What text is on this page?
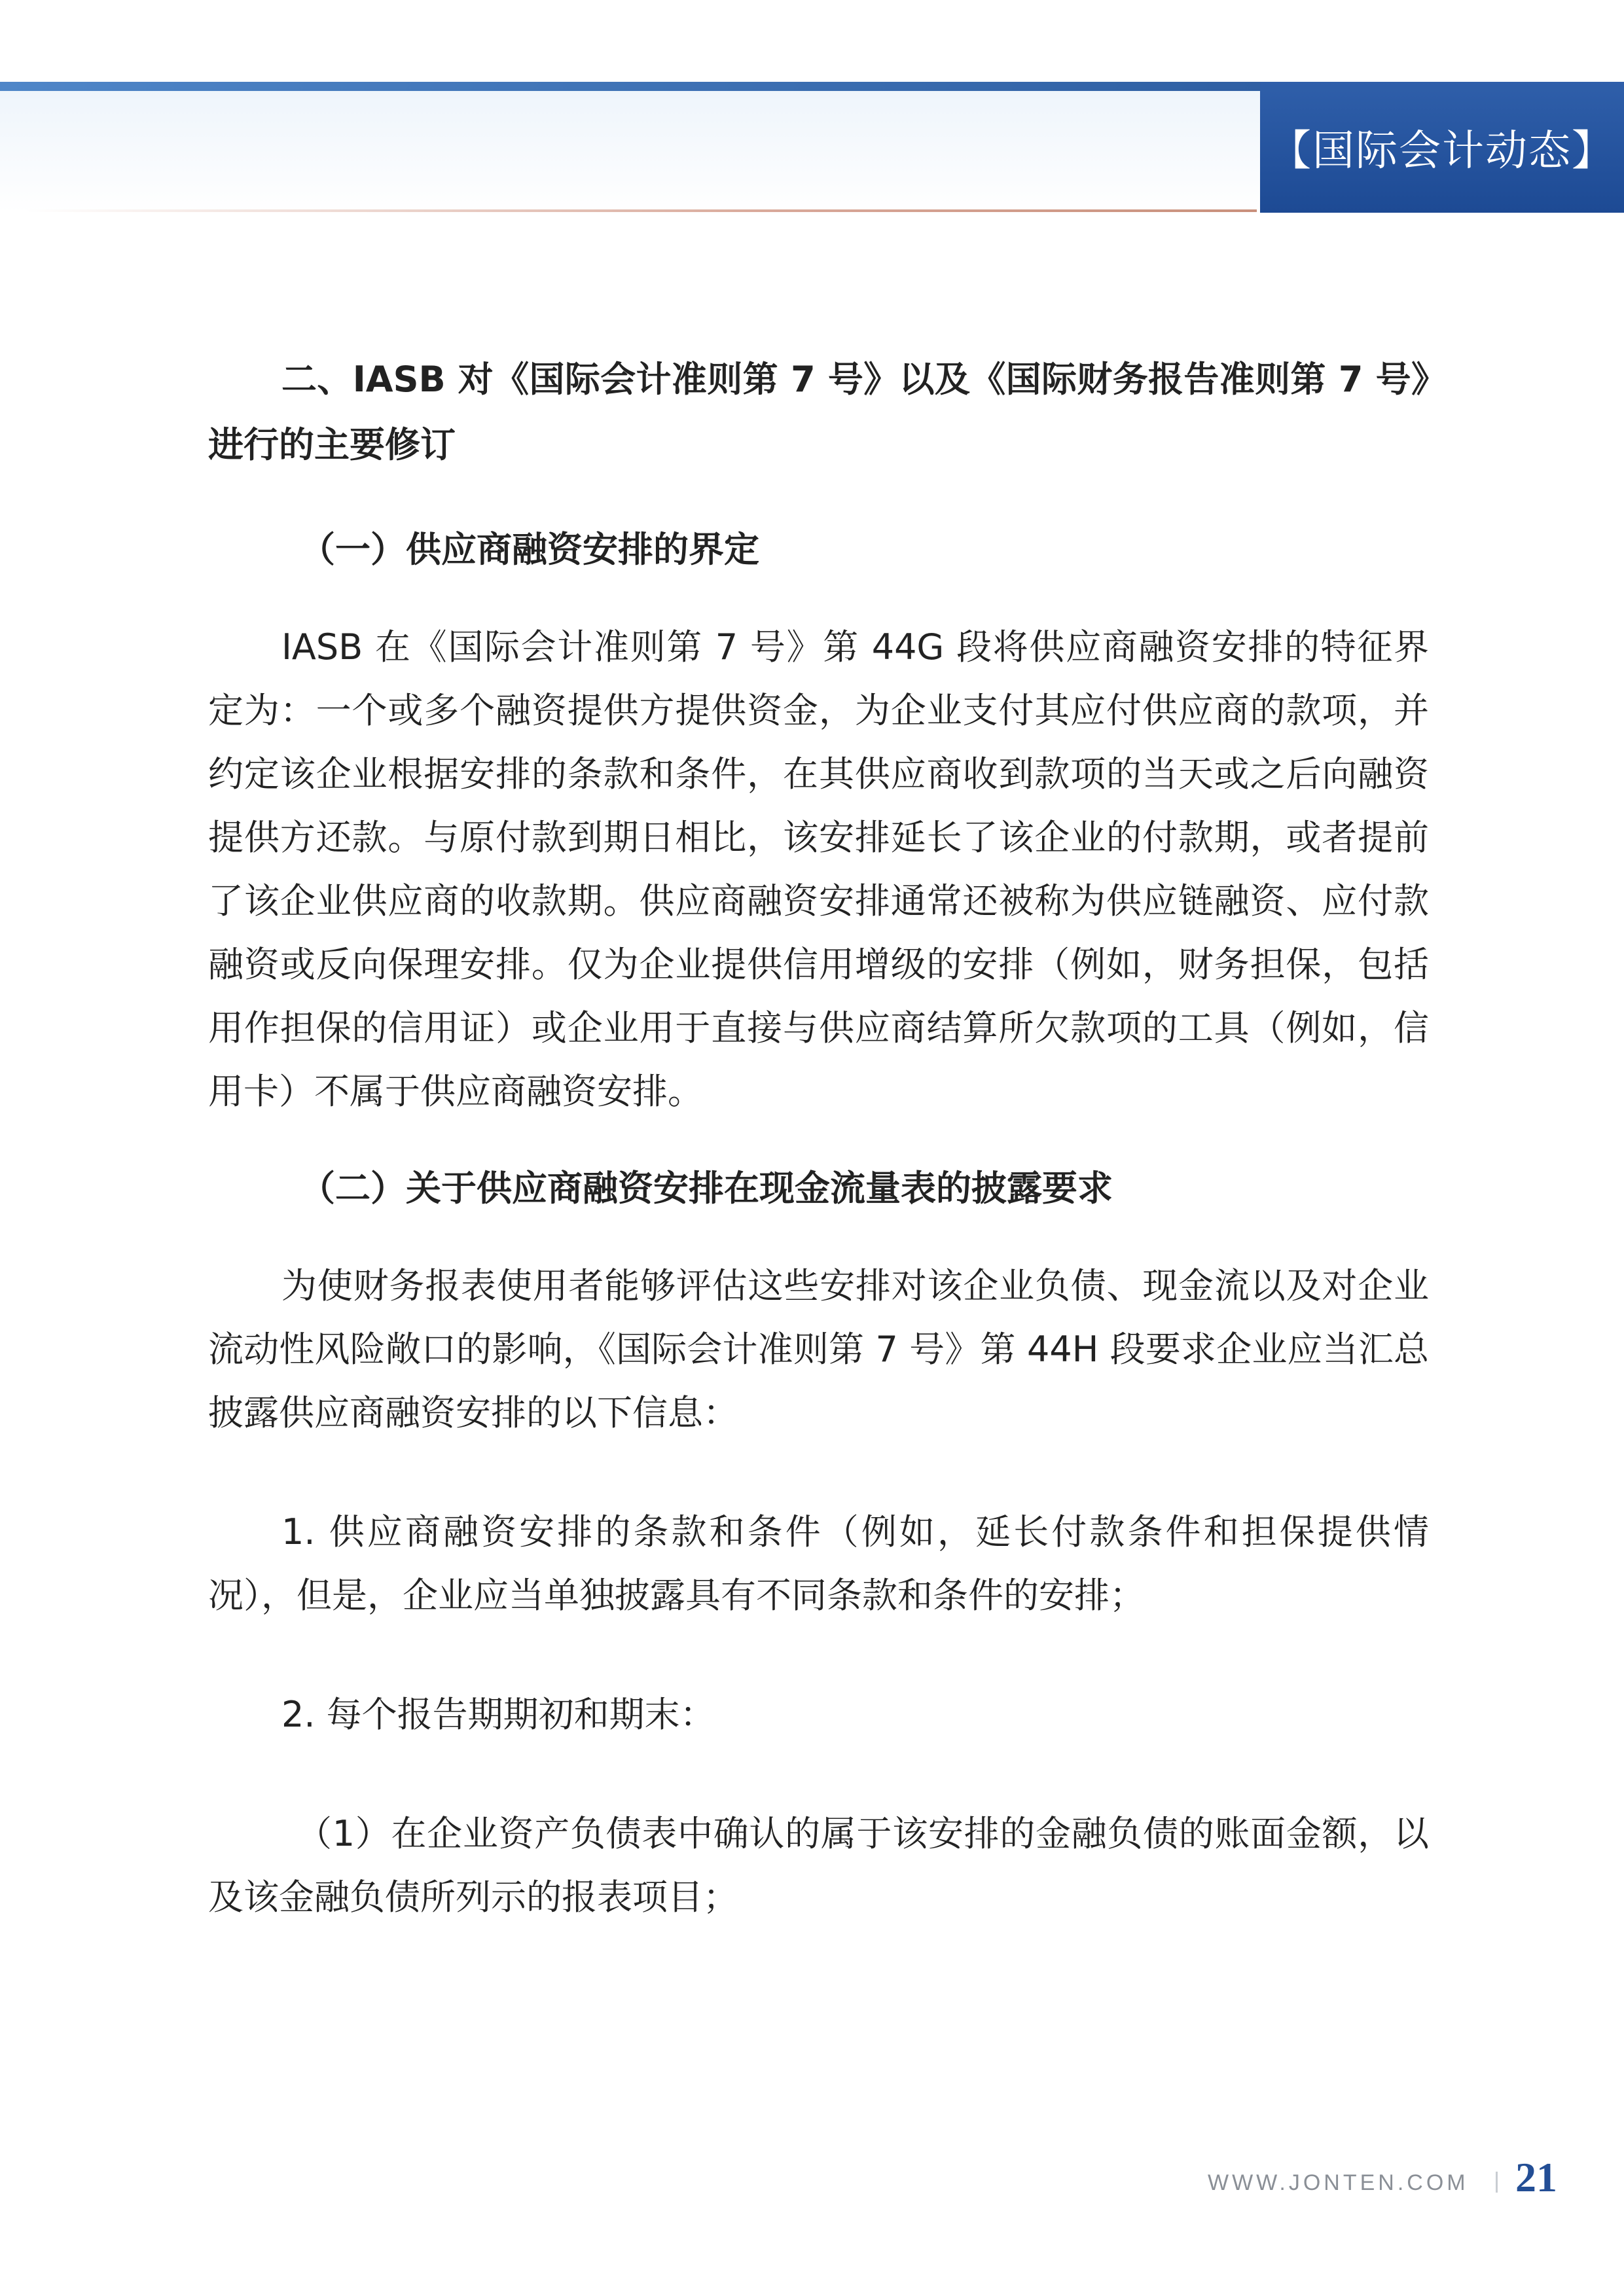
【国际会计动态】

二、IASB 对《国际会计准则第 7 号》以及《国际财务报告准则第 7 号》进行的主要修订

（一）供应商融资安排的界定

IASB 在《国际会计准则第 7 号》第 44G 段将供应商融资安排的特征界定为：一个或多个融资提供方提供资金，为企业支付其应付供应商的款项，并约定该企业根据安排的条款和条件，在其供应商收到款项的当天或之后向融资提供方还款。与原付款到期日相比，该安排延长了该企业的付款期，或者提前了该企业供应商的收款期。供应商融资安排通常还被称为供应链融资、应付款融资或反向保理安排。仅为企业提供信用增级的安排（例如，财务担保，包括用作担保的信用证）或企业用于直接与供应商结算所欠款项的工具（例如，信用卡）不属于供应商融资安排。

（二）关于供应商融资安排在现金流量表的披露要求

为使财务报表使用者能够评估这些安排对该企业负债、现金流以及对企业流动性风险敞口的影响，《国际会计准则第 7 号》第 44H 段要求企业应当汇总披露供应商融资安排的以下信息：

1. 供应商融资安排的条款和条件（例如，延长付款条件和担保提供情况），但是，企业应当单独披露具有不同条款和条件的安排；

2. 每个报告期期初和期末：

（1）在企业资产负债表中确认的属于该安排的金融负债的账面金额，以及该金融负债所列示的报表项目；

WWW.JONTEN.COM	21
